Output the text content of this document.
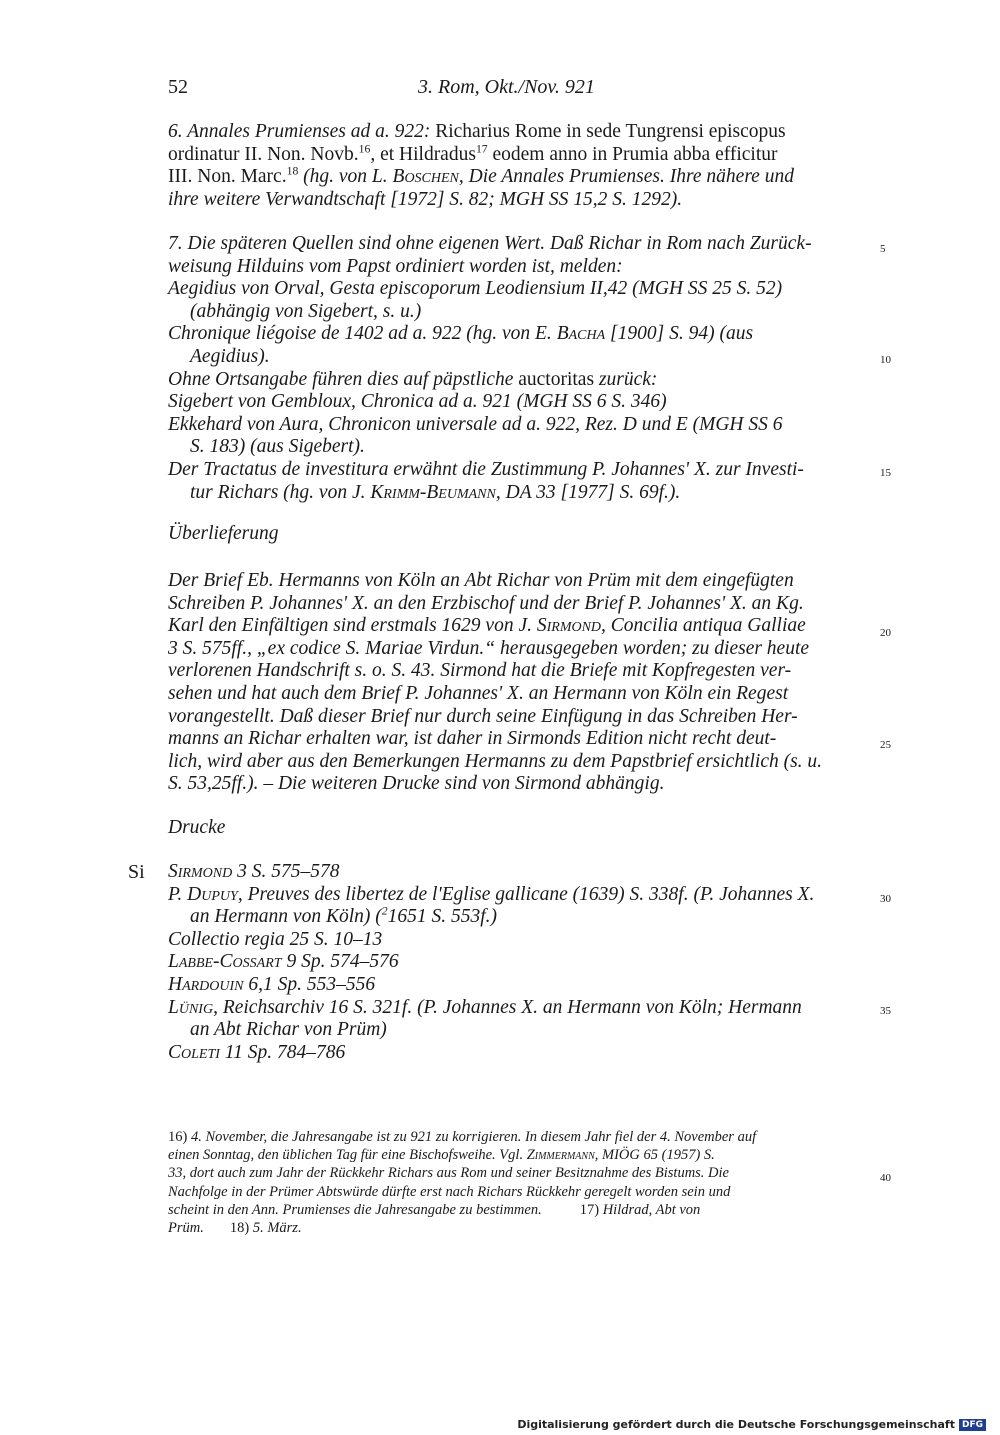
52	3. Rom, Okt./Nov. 921
6. Annales Prumienses ad a. 922: Richarius Rome in sede Tungrensi episcopus
ordinatur II. Non. Novb.$^{16}$, et Hildradus$^{17}$ eodem anno in Prumia abba efficitur
III. Non. Marc.$^{18}$ (hg. von L. Boschen, Die Annales Prumienses. Ihre nähere und
ihre weitere Verwandtschaft [1972] S. 82; MGH SS 15,2 S. 1292).
7. Die späteren Quellen sind ohne eigenen Wert. Daß Richar in Rom nach Zurück-
weisung Hilduins vom Papst ordiniert worden ist, melden:
Aegidius von Orval, Gesta episcoporum Leodiensium II,42 (MGH SS 25 S. 52)
(abhängig von Sigebert, s. u.)
Chronique liégoise de 1402 ad a. 922 (hg. von E. Bacha [1900] S. 94) (aus
Aegidius).
Ohne Ortsangabe führen dies auf päpstliche auctoritas zurück:
Sigebert von Gembloux, Chronica ad a. 921 (MGH SS 6 S. 346)
Ekkehard von Aura, Chronicon universale ad a. 922, Rez. D und E (MGH SS 6
S. 183) (aus Sigebert).
Der Tractatus de investitura erwähnt die Zustimmung P. Johannes' X. zur Investi-
tur Richars (hg. von J. Krimm-Beumann, DA 33 [1977] S. 69f.).
Überlieferung
Der Brief Eb. Hermanns von Köln an Abt Richar von Prüm mit dem eingefügten
Schreiben P. Johannes' X. an den Erzbischof und der Brief P. Johannes' X. an Kg.
Karl den Einfältigen sind erstmals 1629 von J. Sirmond, Concilia antiqua Galliae
3 S. 575ff., „ex codice S. Mariae Virdun.“ herausgegeben worden; zu dieser heute
verlorenen Handschrift s. o. S. 43. Sirmond hat die Briefe mit Kopfregesten ver-
sehen und hat auch dem Brief P. Johannes' X. an Hermann von Köln ein Regest
vorangestellt. Daß dieser Brief nur durch seine Einfügung in das Schreiben Her-
manns an Richar erhalten war, ist daher in Sirmonds Edition nicht recht deut-
lich, wird aber aus den Bemerkungen Hermanns zu dem Papstbrief ersichtlich (s. u.
S. 53,25ff.). – Die weiteren Drucke sind von Sirmond abhängig.
Drucke
Si Sirmond 3 S. 575–578
P. Dupuy, Preuves des libertez de l'Eglise gallicane (1639) S. 338f. (P. Johannes X.
an Hermann von Köln) ($^2$1651 S. 553f.)
Collectio regia 25 S. 10–13
Labbe-Cossart 9 Sp. 574–576
Hardouin 6,1 Sp. 553–556
Lünig, Reichsarchiv 16 S. 321f. (P. Johannes X. an Hermann von Köln; Hermann
an Abt Richar von Prüm)
Coleti 11 Sp. 784–786
5
10
15
20
25
30
35
40
16) 4. November, die Jahresangabe ist zu 921 zu korrigieren. In diesem Jahr fiel der 4. November auf
einen Sonntag, den üblichen Tag für eine Bischofsweihe. Vgl. Zimmermann, MIÖG 65 (1957) S.
33, dort auch zum Jahr der Rückkehr Richars aus Rom und seiner Besitznahme des Bistums. Die
Nachfolge in der Prümer Abtswürde dürfte erst nach Richars Rückkehr geregelt worden sein und
scheint in den Ann. Prumienses die Jahresangabe zu bestimmen.	17) Hildrad, Abt von
Prüm. 18) 5. März.
Digitalisierung gefördert durch die Deutsche Forschungsgemeinschaft DFG
